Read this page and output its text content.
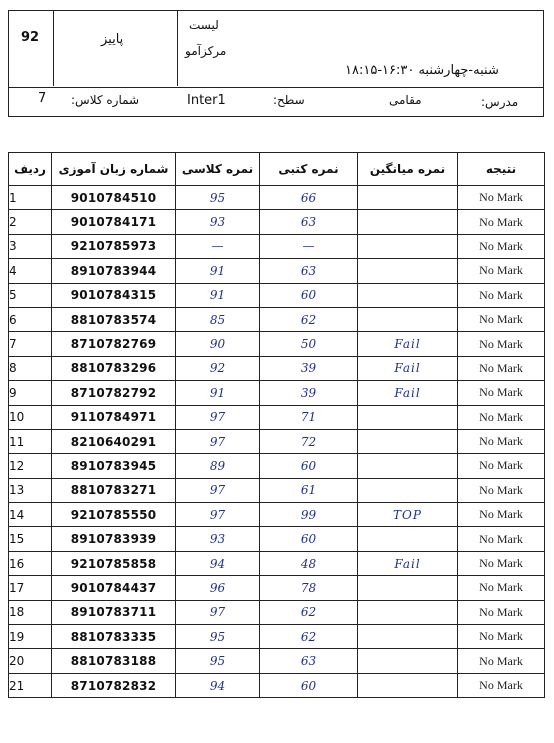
92	پاییز
لیست
مرکزآمو
شنبه-چهارشنبه ۱۶:۳۰-۱۸:۱۵
7 شماره کلاس:	Inter1	سطح:	مقامی	مدرس:
ردیف	شماره زبان آموزی	نمره کلاسی	نمره کتبی	نمره میانگین	نتیجه
1	9010784510	95	66		No Mark
2	9010784171	93	63		No Mark
3	9210785973	—	—		No Mark
4	8910783944	91	63		No Mark
5	9010784315	91	60		No Mark
6	8810783574	85	62		No Mark
7	8710782769	90	50	Fail	No Mark
8	8810783296	92	39	Fail	No Mark
9	8710782792	91	39	Fail	No Mark
10	9110784971	97	71		No Mark
11	8210640291	97	72		No Mark
12	8910783945	89	60		No Mark
13	8810783271	97	61		No Mark
14	9210785550	97	99	TOP	No Mark
15	8910783939	93	60		No Mark
16	9210785858	94	48	Fail	No Mark
17	9010784437	96	78		No Mark
18	8910783711	97	62		No Mark
19	8810783335	95	62		No Mark
20	8810783188	95	63		No Mark
21	8710782832	94	60		No Mark
